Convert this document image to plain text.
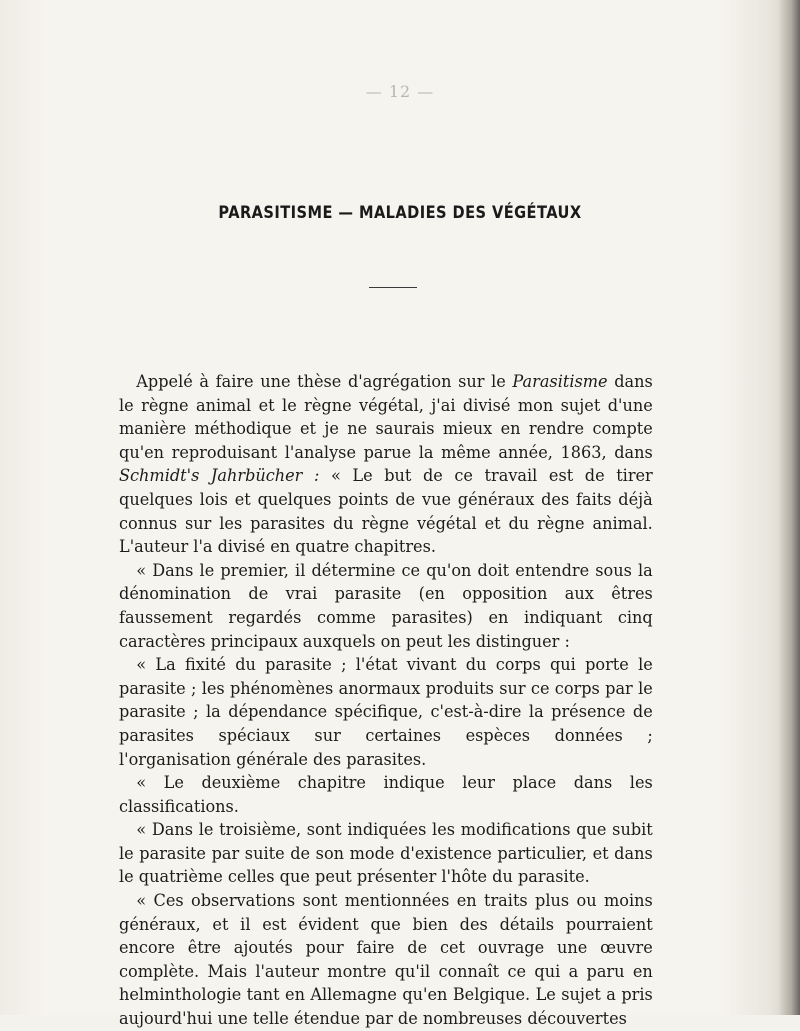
— 12 —
PARASITISME — MALADIES DES VÉGÉTAUX

Appelé à faire une thèse d'agrégation sur le Parasitisme dans le règne animal et le règne végétal, j'ai divisé mon sujet d'une manière méthodique et je ne saurais mieux en rendre compte qu'en reproduisant l'analyse parue la même année, 1863, dans Schmidt's Jahrbücher : « Le but de ce travail est de tirer quelques lois et quelques points de vue généraux des faits déjà connus sur les parasites du règne végétal et du règne animal. L'auteur l'a divisé en quatre chapitres.

« Dans le premier, il détermine ce qu'on doit entendre sous la dénomination de vrai parasite (en opposition aux êtres faussement regardés comme parasites) en indiquant cinq caractères principaux auxquels on peut les distinguer :

« La fixité du parasite ; l'état vivant du corps qui porte le parasite ; les phénomènes anormaux produits sur ce corps par le parasite ; la dépendance spécifique, c'est-à-dire la présence de parasites spéciaux sur certaines espèces données ; l'organisation générale des parasites.

« Le deuxième chapitre indique leur place dans les classifications.

« Dans le troisième, sont indiquées les modifications que subit le parasite par suite de son mode d'existence particulier, et dans le quatrième celles que peut présenter l'hôte du parasite.

« Ces observations sont mentionnées en traits plus ou moins généraux, et il est évident que bien des détails pourraient encore être ajoutés pour faire de cet ouvrage une œuvre complète. Mais l'auteur montre qu'il connaît ce qui a paru en helminthologie tant en Allemagne qu'en Belgique. Le sujet a pris aujourd'hui une telle étendue par de nombreuses découvertes
